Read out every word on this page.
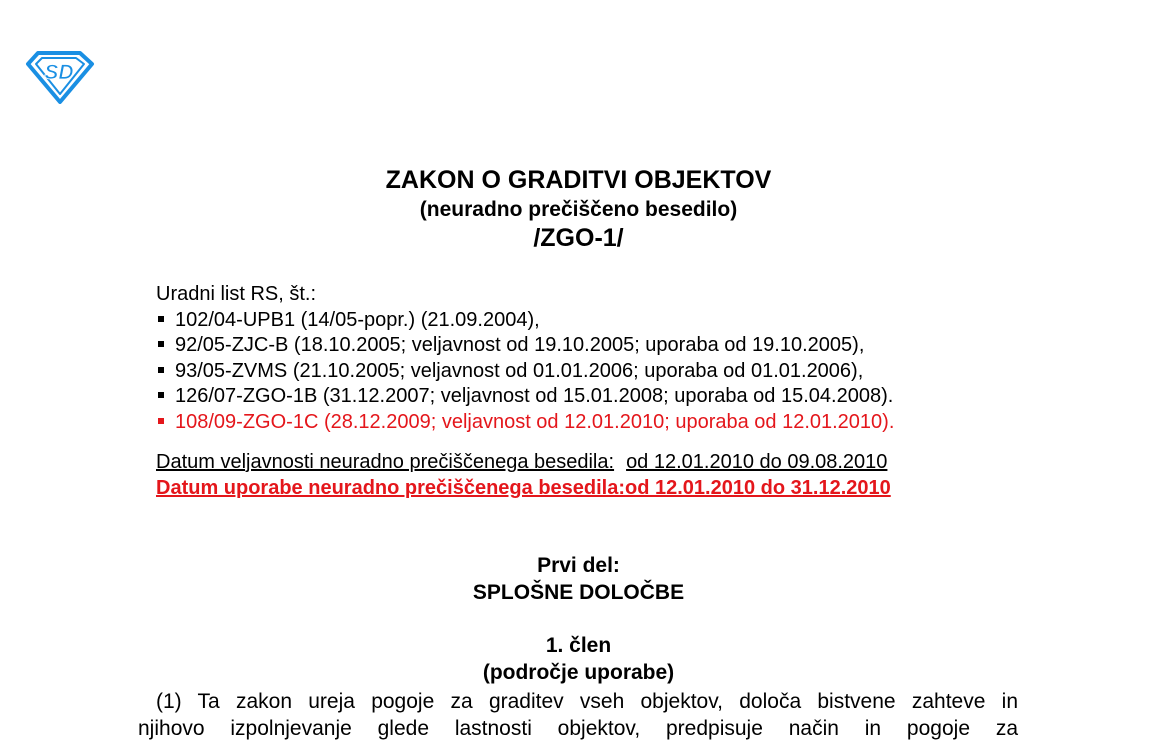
SD
ZAKON O GRADITVI OBJEKTOV
(neuradno prečiščeno besedilo)
/ZGO-1/
Uradni list RS, št.:
102/04-UPB1 (14/05-popr.) (21.09.2004),
92/05-ZJC-B (18.10.2005; veljavnost od 19.10.2005; uporaba od 19.10.2005),
93/05-ZVMS (21.10.2005; veljavnost od 01.01.2006; uporaba od 01.01.2006),
126/07-ZGO-1B (31.12.2007; veljavnost od 15.01.2008; uporaba od 15.04.2008).
108/09-ZGO-1C (28.12.2009; veljavnost od 12.01.2010; uporaba od 12.01.2010).
Datum veljavnosti neuradno prečiščenega besedila: od 12.01.2010 do 09.08.2010
Datum uporabe neuradno prečiščenega besedila:od 12.01.2010 do 31.12.2010
Prvi del:
SPLOŠNE DOLOČBE
1. člen
(področje uporabe)
(1) Ta zakon ureja pogoje za graditev vseh objektov, določa bistvene zahteve in
njihovo izpolnjevanje glede lastnosti objektov, predpisuje način in pogoje za
